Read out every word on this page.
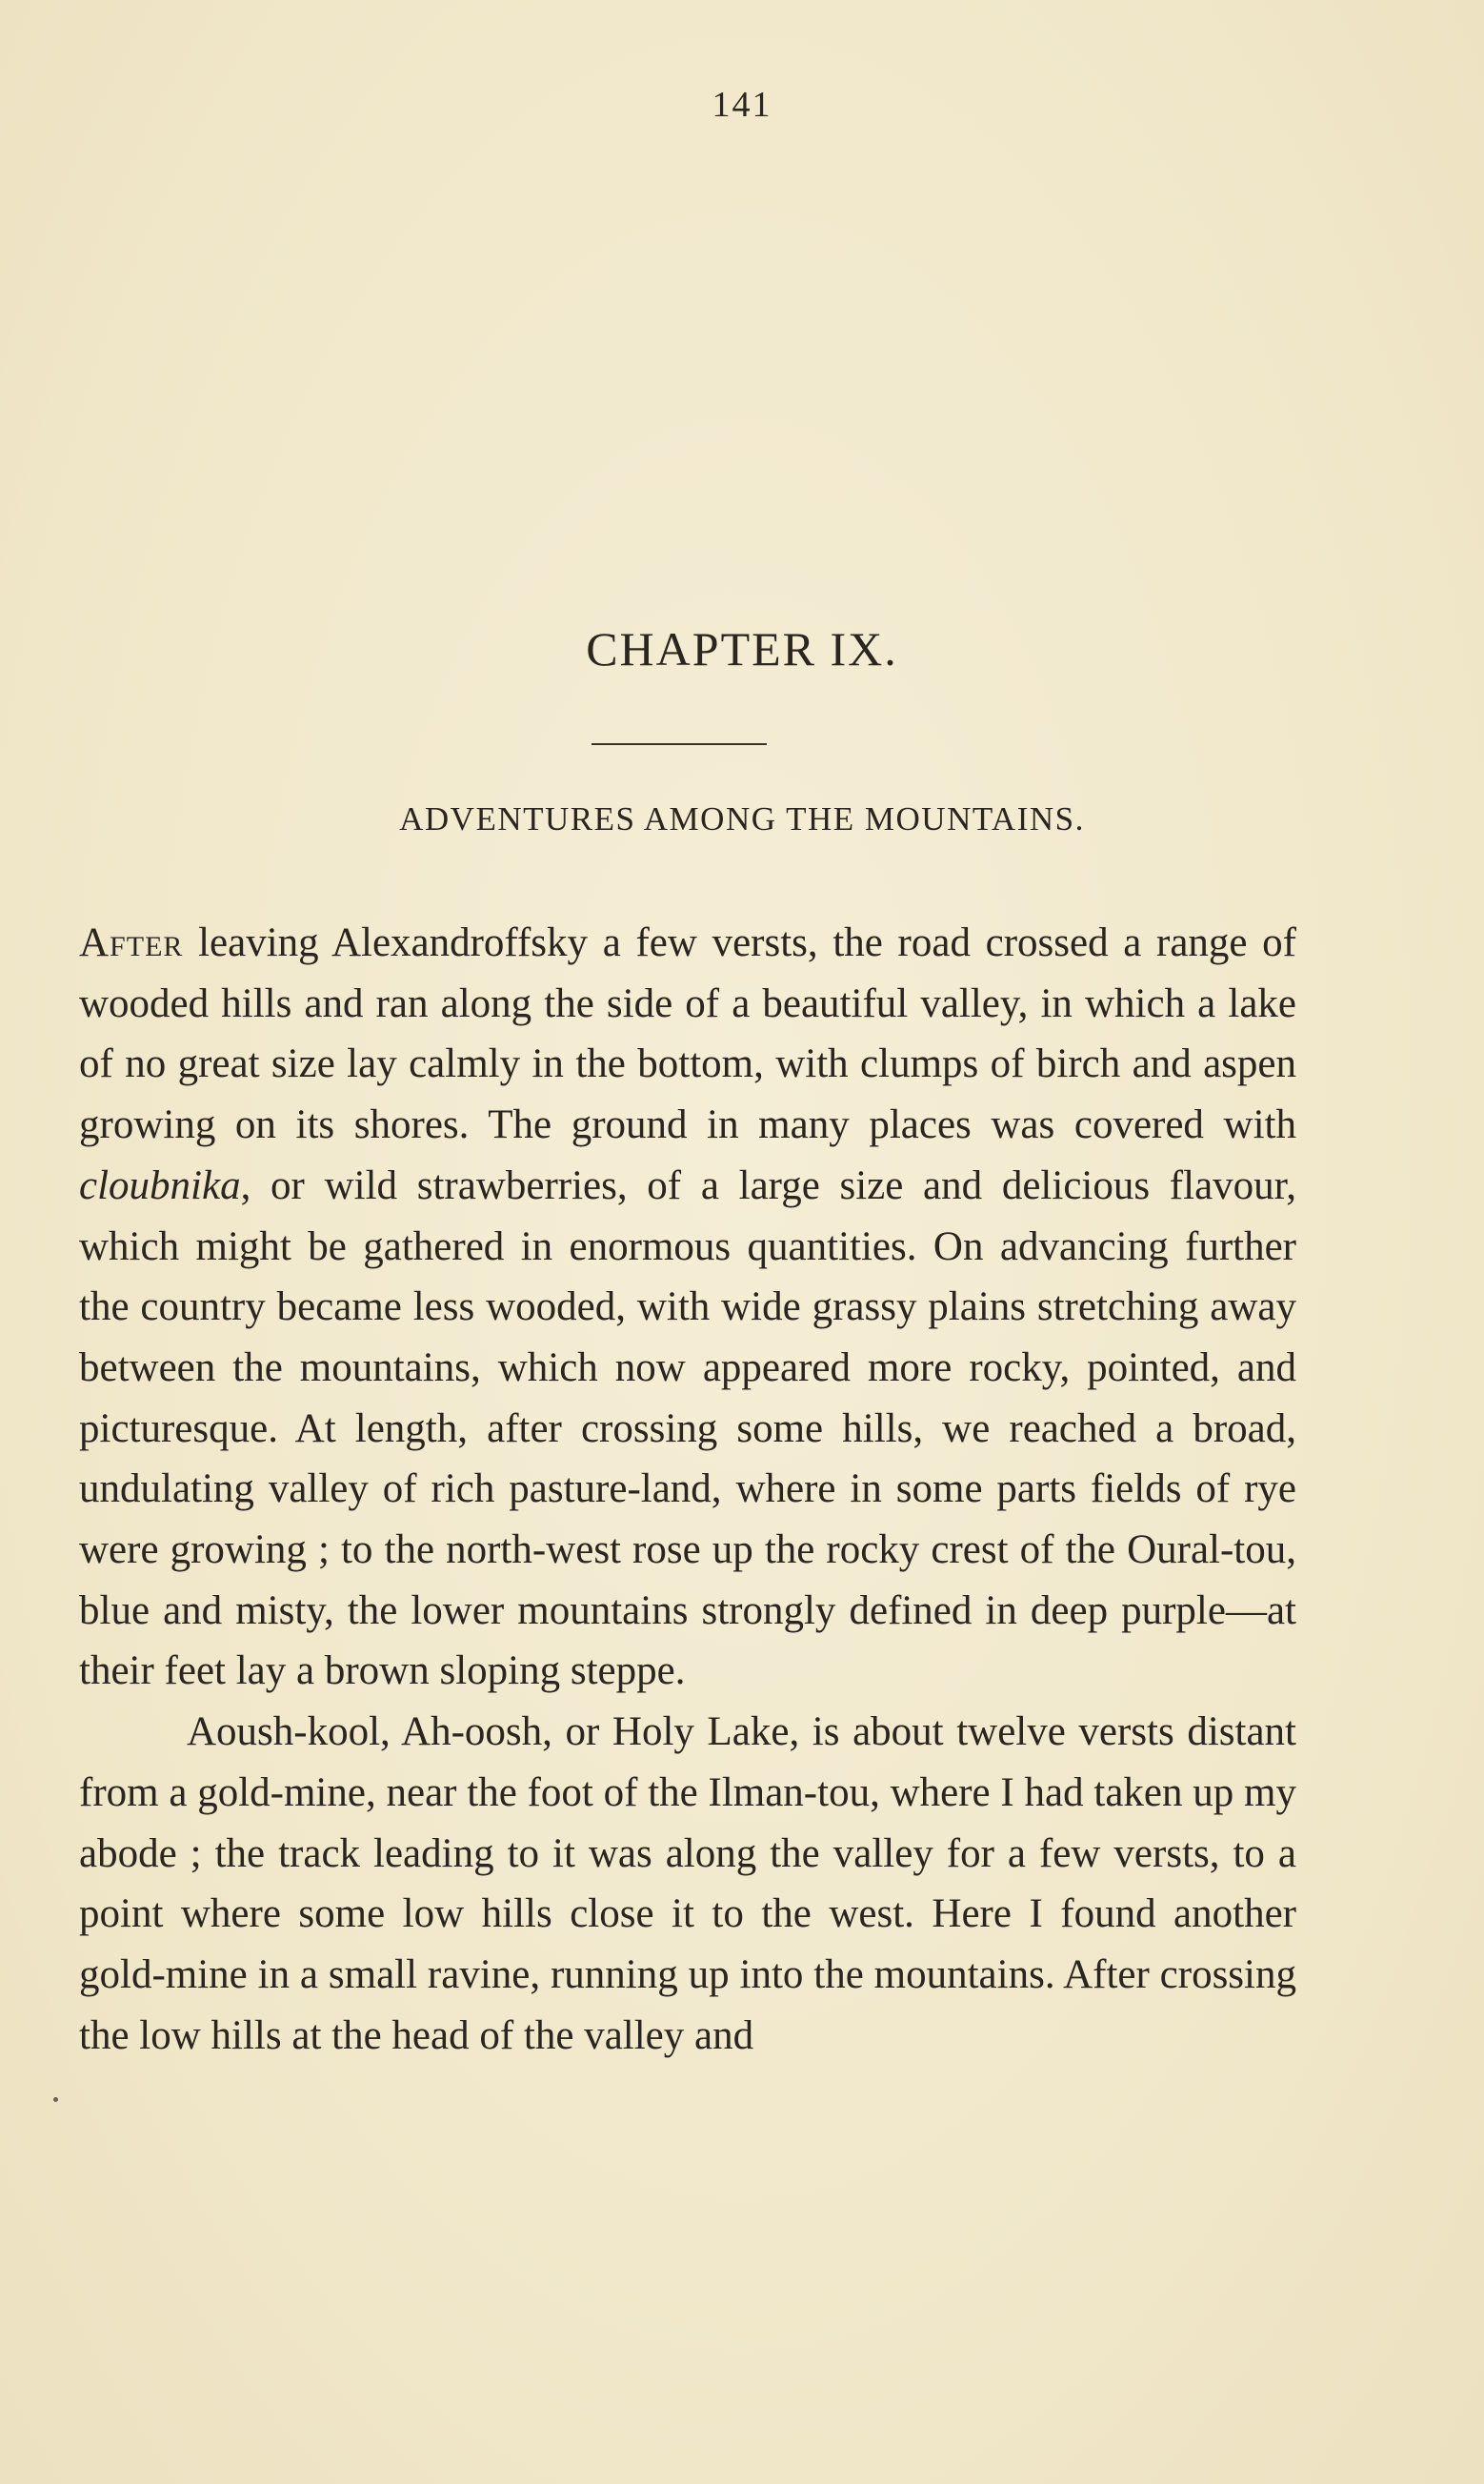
141
CHAPTER IX.
ADVENTURES AMONG THE MOUNTAINS.

After leaving Alexandroffsky a few versts, the road crossed a range of wooded hills and ran along the side of a beautiful valley, in which a lake of no great size lay calmly in the bottom, with clumps of birch and aspen growing on its shores. The ground in many places was covered with cloubnika, or wild strawberries, of a large size and delicious flavour, which might be gathered in enormous quantities. On advancing further the country became less wooded, with wide grassy plains stretching away between the mountains, which now appeared more rocky, pointed, and picturesque. At length, after crossing some hills, we reached a broad, undulating valley of rich pasture-land, where in some parts fields of rye were growing ; to the north-west rose up the rocky crest of the Oural-tou, blue and misty, the lower mountains strongly defined in deep purple—at their feet lay a brown sloping steppe.

Aoush-kool, Ah-oosh, or Holy Lake, is about twelve versts distant from a gold-mine, near the foot of the Ilman-tou, where I had taken up my abode ; the track leading to it was along the valley for a few versts, to a point where some low hills close it to the west. Here I found another gold-mine in a small ravine, running up into the mountains. After crossing the low hills at the head of the valley and
